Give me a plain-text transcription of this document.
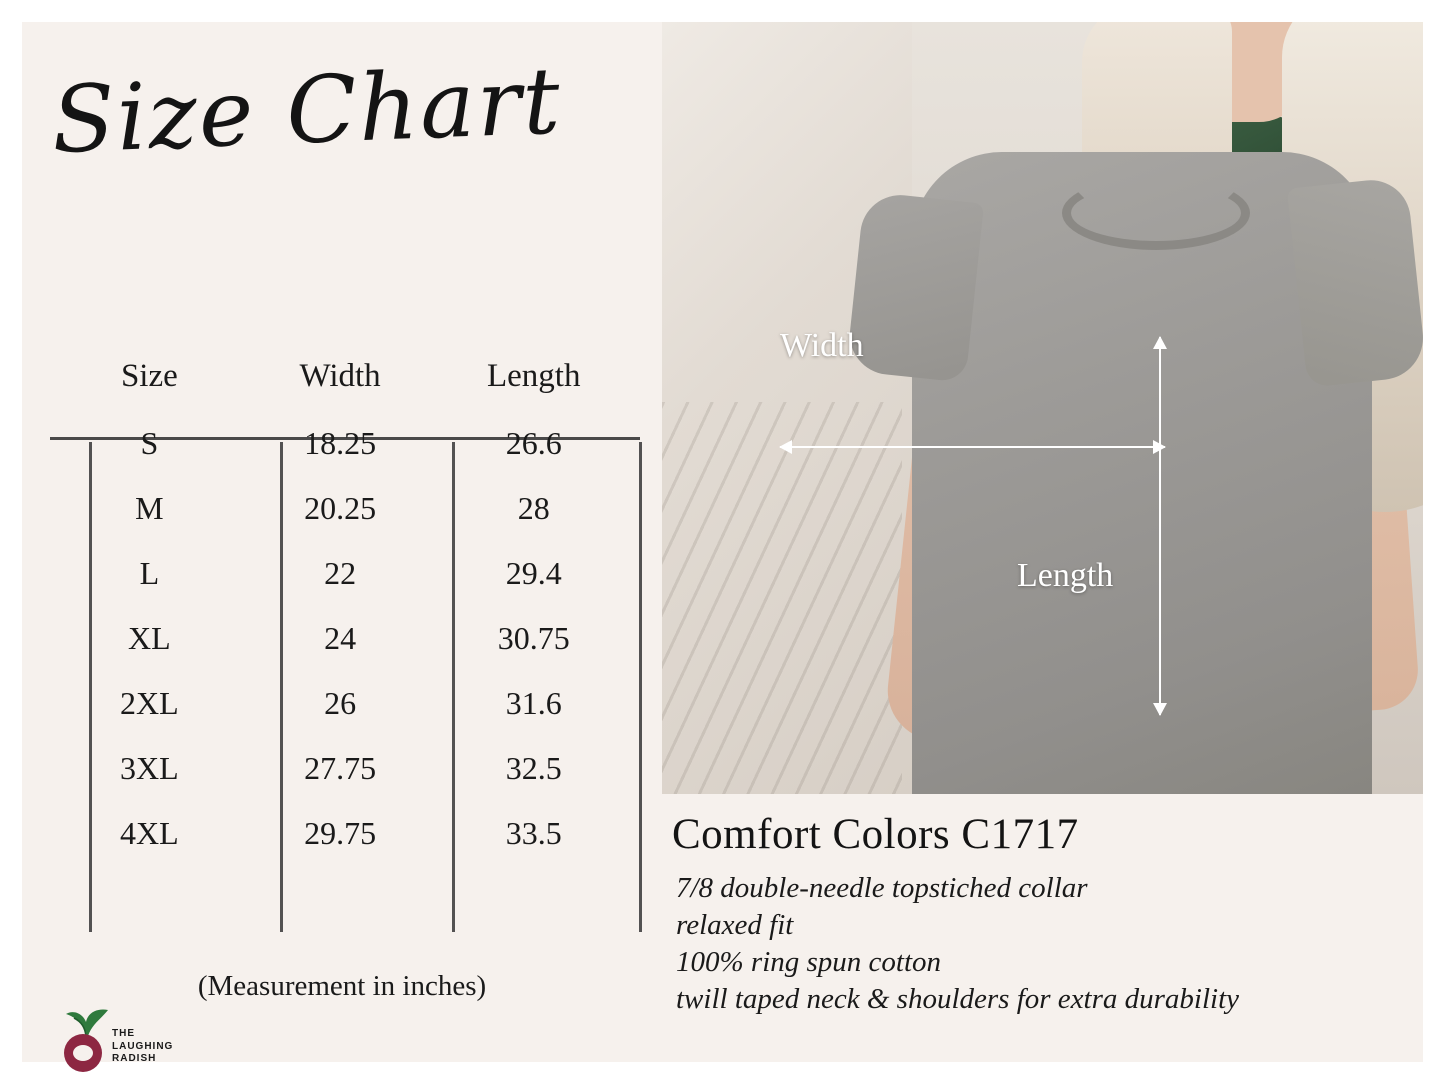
Size Chart
Size	Width	Length
S	18.25	26.6
M	20.25	28
L	22	29.4
XL	24	30.75
2XL	26	31.6
3XL	27.75	32.5
4XL	29.75	33.5
(Measurement in inches)
THE
LAUGHING
RADISH
Width
Length
Comfort Colors C1717
7/8 double-needle topstiched collar
relaxed fit
100% ring spun cotton
twill taped neck & shoulders for extra durability
